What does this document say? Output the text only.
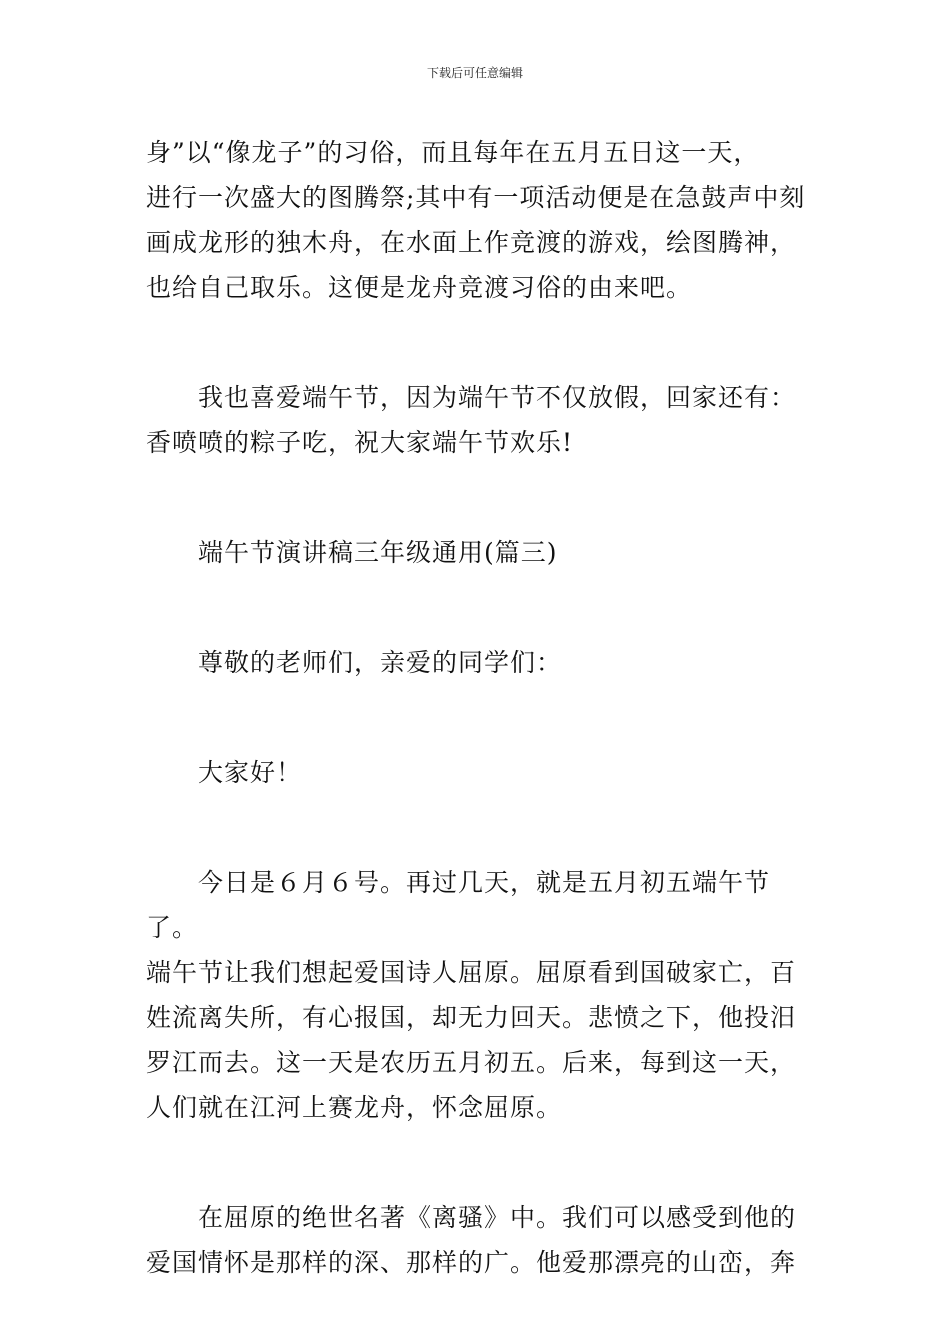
下载后可任意编辑

身”以“像龙子”的习俗，而且每年在五月五日这一天，
进行一次盛大的图腾祭;其中有一项活动便是在急鼓声中刻
画成龙形的独木舟，在水面上作竞渡的游戏，绘图腾神，
也给自己取乐。这便是龙舟竞渡习俗的由来吧。

　　我也喜爱端午节，因为端午节不仅放假，回家还有：
香喷喷的粽子吃，祝大家端午节欢乐!

　　端午节演讲稿三年级通用(篇三)

　　尊敬的老师们，亲爱的同学们：

　　大家好！

　　今日是６月６号。再过几天，就是五月初五端午节了。
端午节让我们想起爱国诗人屈原。屈原看到国破家亡，百
姓流离失所，有心报国，却无力回天。悲愤之下，他投汨
罗江而去。这一天是农历五月初五。后来，每到这一天，
人们就在江河上赛龙舟，怀念屈原。

　　在屈原的绝世名著《离骚》中。我们可以感受到他的
爱国情怀是那样的深、那样的广。他爱那漂亮的山峦，奔
